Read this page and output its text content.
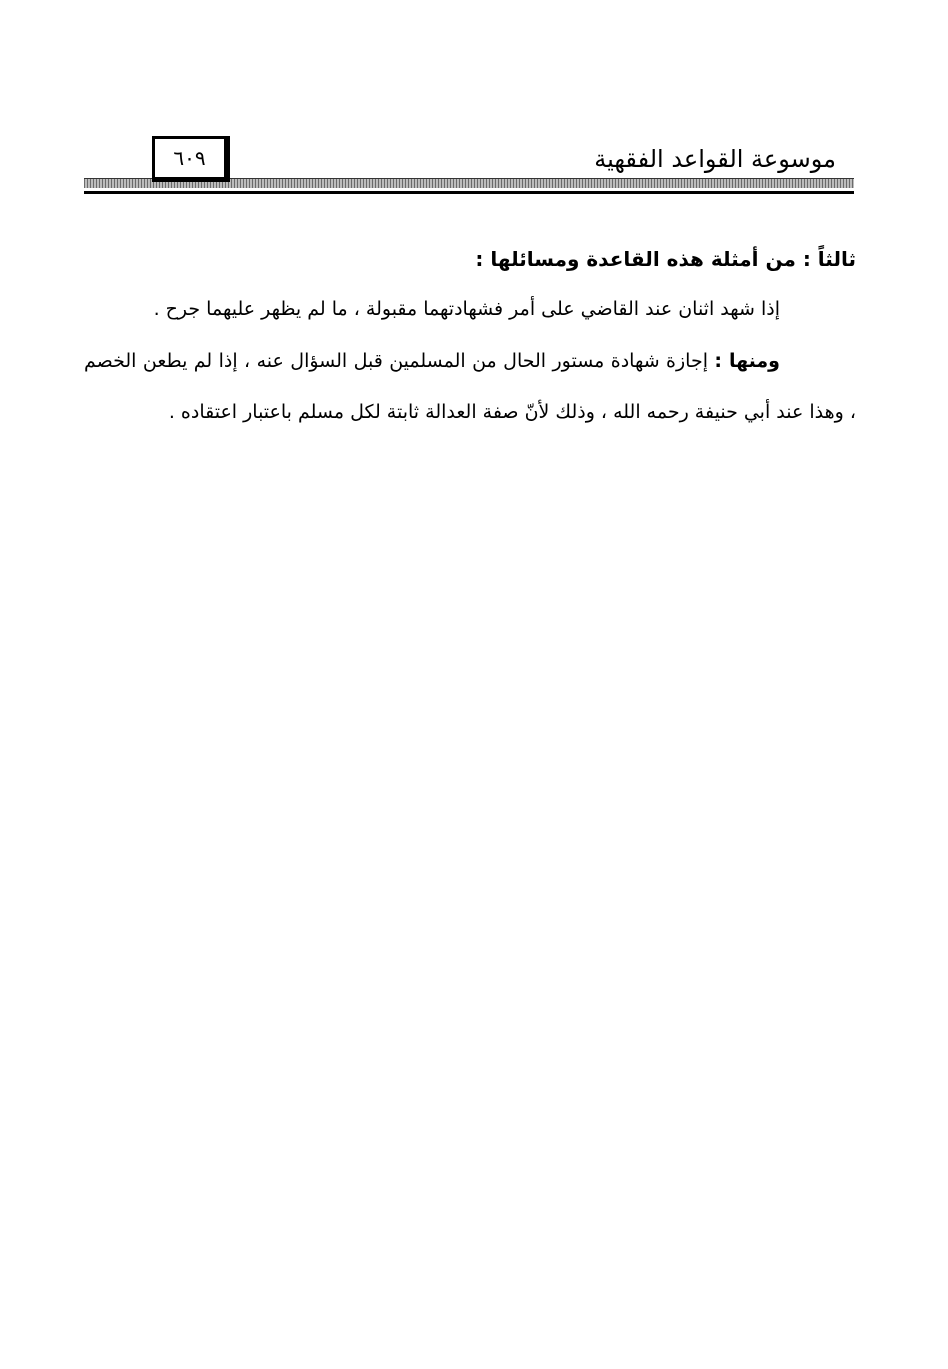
موسوعة القواعد الفقهية
٦٠٩

ثالثاً : من أمثلة هذه القاعدة ومسائلها :

إذا شهد اثنان عند القاضي على أمر فشهادتهما مقبولة ، ما لم يظهر عليهما جرح .

ومنها : إجازة شهادة مستور الحال من المسلمين قبل السؤال عنه ، إذا لم يطعن الخصم ، وهذا عند أبي حنيفة رحمه الله ، وذلك لأنّ صفة العدالة ثابتة لكل مسلم باعتبار اعتقاده .
